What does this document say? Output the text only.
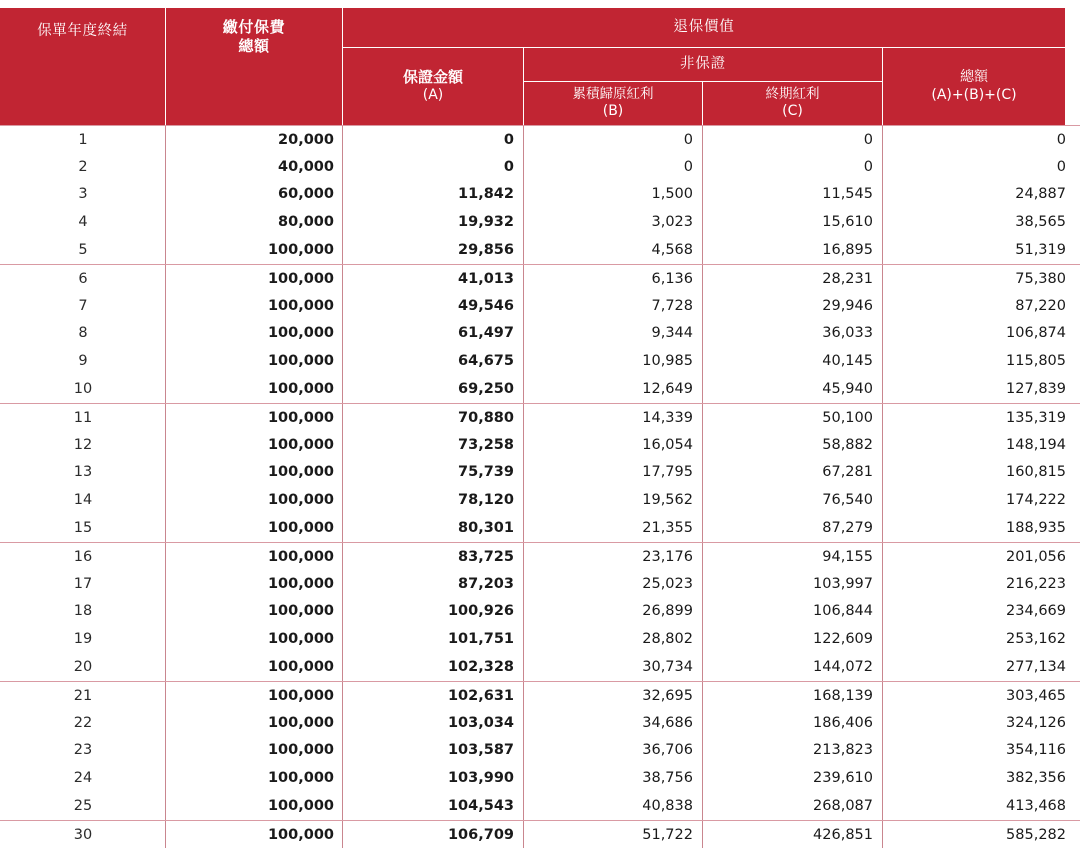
保單年度終結	繳付保費
總額
退保價值
保證金額
(A)
非保證
累積歸原紅利
(B)
終期紅利
(C)
總額
(A)+(B)+(C)
1	20,000	0	0	0	0
2	40,000	0	0	0	0
3	60,000	11,842	1,500	11,545	24,887
4	80,000	19,932	3,023	15,610	38,565
5	100,000	29,856	4,568	16,895	51,319
6	100,000	41,013	6,136	28,231	75,380
7	100,000	49,546	7,728	29,946	87,220
8	100,000	61,497	9,344	36,033	106,874
9	100,000	64,675	10,985	40,145	115,805
10	100,000	69,250	12,649	45,940	127,839
11	100,000	70,880	14,339	50,100	135,319
12	100,000	73,258	16,054	58,882	148,194
13	100,000	75,739	17,795	67,281	160,815
14	100,000	78,120	19,562	76,540	174,222
15	100,000	80,301	21,355	87,279	188,935
16	100,000	83,725	23,176	94,155	201,056
17	100,000	87,203	25,023	103,997	216,223
18	100,000	100,926	26,899	106,844	234,669
19	100,000	101,751	28,802	122,609	253,162
20	100,000	102,328	30,734	144,072	277,134
21	100,000	102,631	32,695	168,139	303,465
22	100,000	103,034	34,686	186,406	324,126
23	100,000	103,587	36,706	213,823	354,116
24	100,000	103,990	38,756	239,610	382,356
25	100,000	104,543	40,838	268,087	413,468
30	100,000	106,709	51,722	426,851	585,282
